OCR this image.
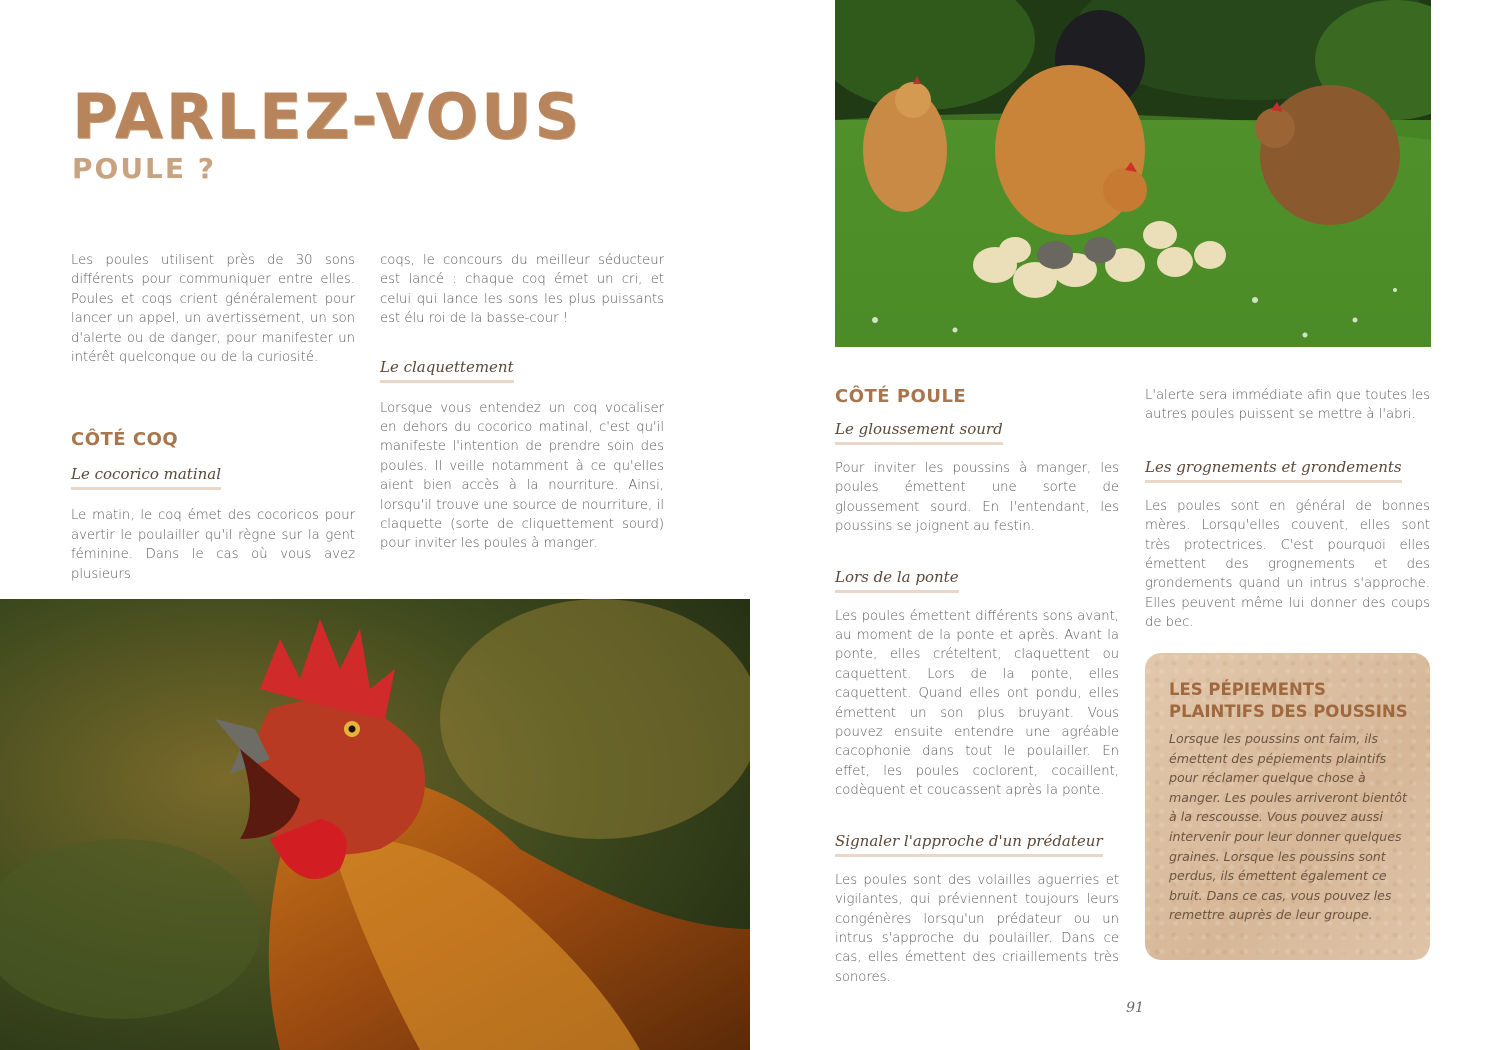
PARLEZ-VOUS
POULE ?

Les poules utilisent près de 30 sons différents pour communiquer entre elles. Poules et coqs crient généralement pour lancer un appel, un avertissement, un son d'alerte ou de danger, pour manifester un intérêt quelconque ou de la curiosité.

CÔTÉ COQ
Le cocorico matinal

Le matin, le coq émet des cocoricos pour avertir le poulailler qu'il règne sur la gent féminine. Dans le cas où vous avez plusieurs

coqs, le concours du meilleur séducteur est lancé : chaque coq émet un cri, et celui qui lance les sons les plus puissants est élu roi de la basse-cour !

Le claquettement

Lorsque vous entendez un coq vocaliser en dehors du cocorico matinal, c'est qu'il manifeste l'intention de prendre soin des poules. Il veille notamment à ce qu'elles aient bien accès à la nourriture. Ainsi, lorsqu'il trouve une source de nourriture, il claquette (sorte de cliquettement sourd) pour inviter les poules à manger.

CÔTÉ POULE
Le gloussement sourd

Pour inviter les poussins à manger, les poules émettent une sorte de gloussement sourd. En l'entendant, les poussins se joignent au festin.

Lors de la ponte

Les poules émettent différents sons avant, au moment de la ponte et après. Avant la ponte, elles crételtent, claquettent ou caquettent. Lors de la ponte, elles caquettent. Quand elles ont pondu, elles émettent un son plus bruyant. Vous pouvez ensuite entendre une agréable cacophonie dans tout le poulailler. En effet, les poules coclorent, cocaillent, codèquent et coucassent après la ponte.

Signaler l'approche d'un prédateur

Les poules sont des volailles aguerries et vigilantes, qui préviennent toujours leurs congénères lorsqu'un prédateur ou un intrus s'approche du poulailler. Dans ce cas, elles émettent des criaillements très sonores.

L'alerte sera immédiate afin que toutes les autres poules puissent se mettre à l'abri.

Les grognements et grondements

Les poules sont en général de bonnes mères. Lorsqu'elles couvent, elles sont très protectrices. C'est pourquoi elles émettent des grognements et des grondements quand un intrus s'approche. Elles peuvent même lui donner des coups de bec.

LES PÉPIEMENTS PLAINTIFS DES POUSSINS

Lorsque les poussins ont faim, ils émettent des pépiements plaintifs pour réclamer quelque chose à manger. Les poules arriveront bientôt à la rescousse. Vous pouvez aussi intervenir pour leur donner quelques graines. Lorsque les poussins sont perdus, ils émettent également ce bruit. Dans ce cas, vous pouvez les remettre auprès de leur groupe.

91
